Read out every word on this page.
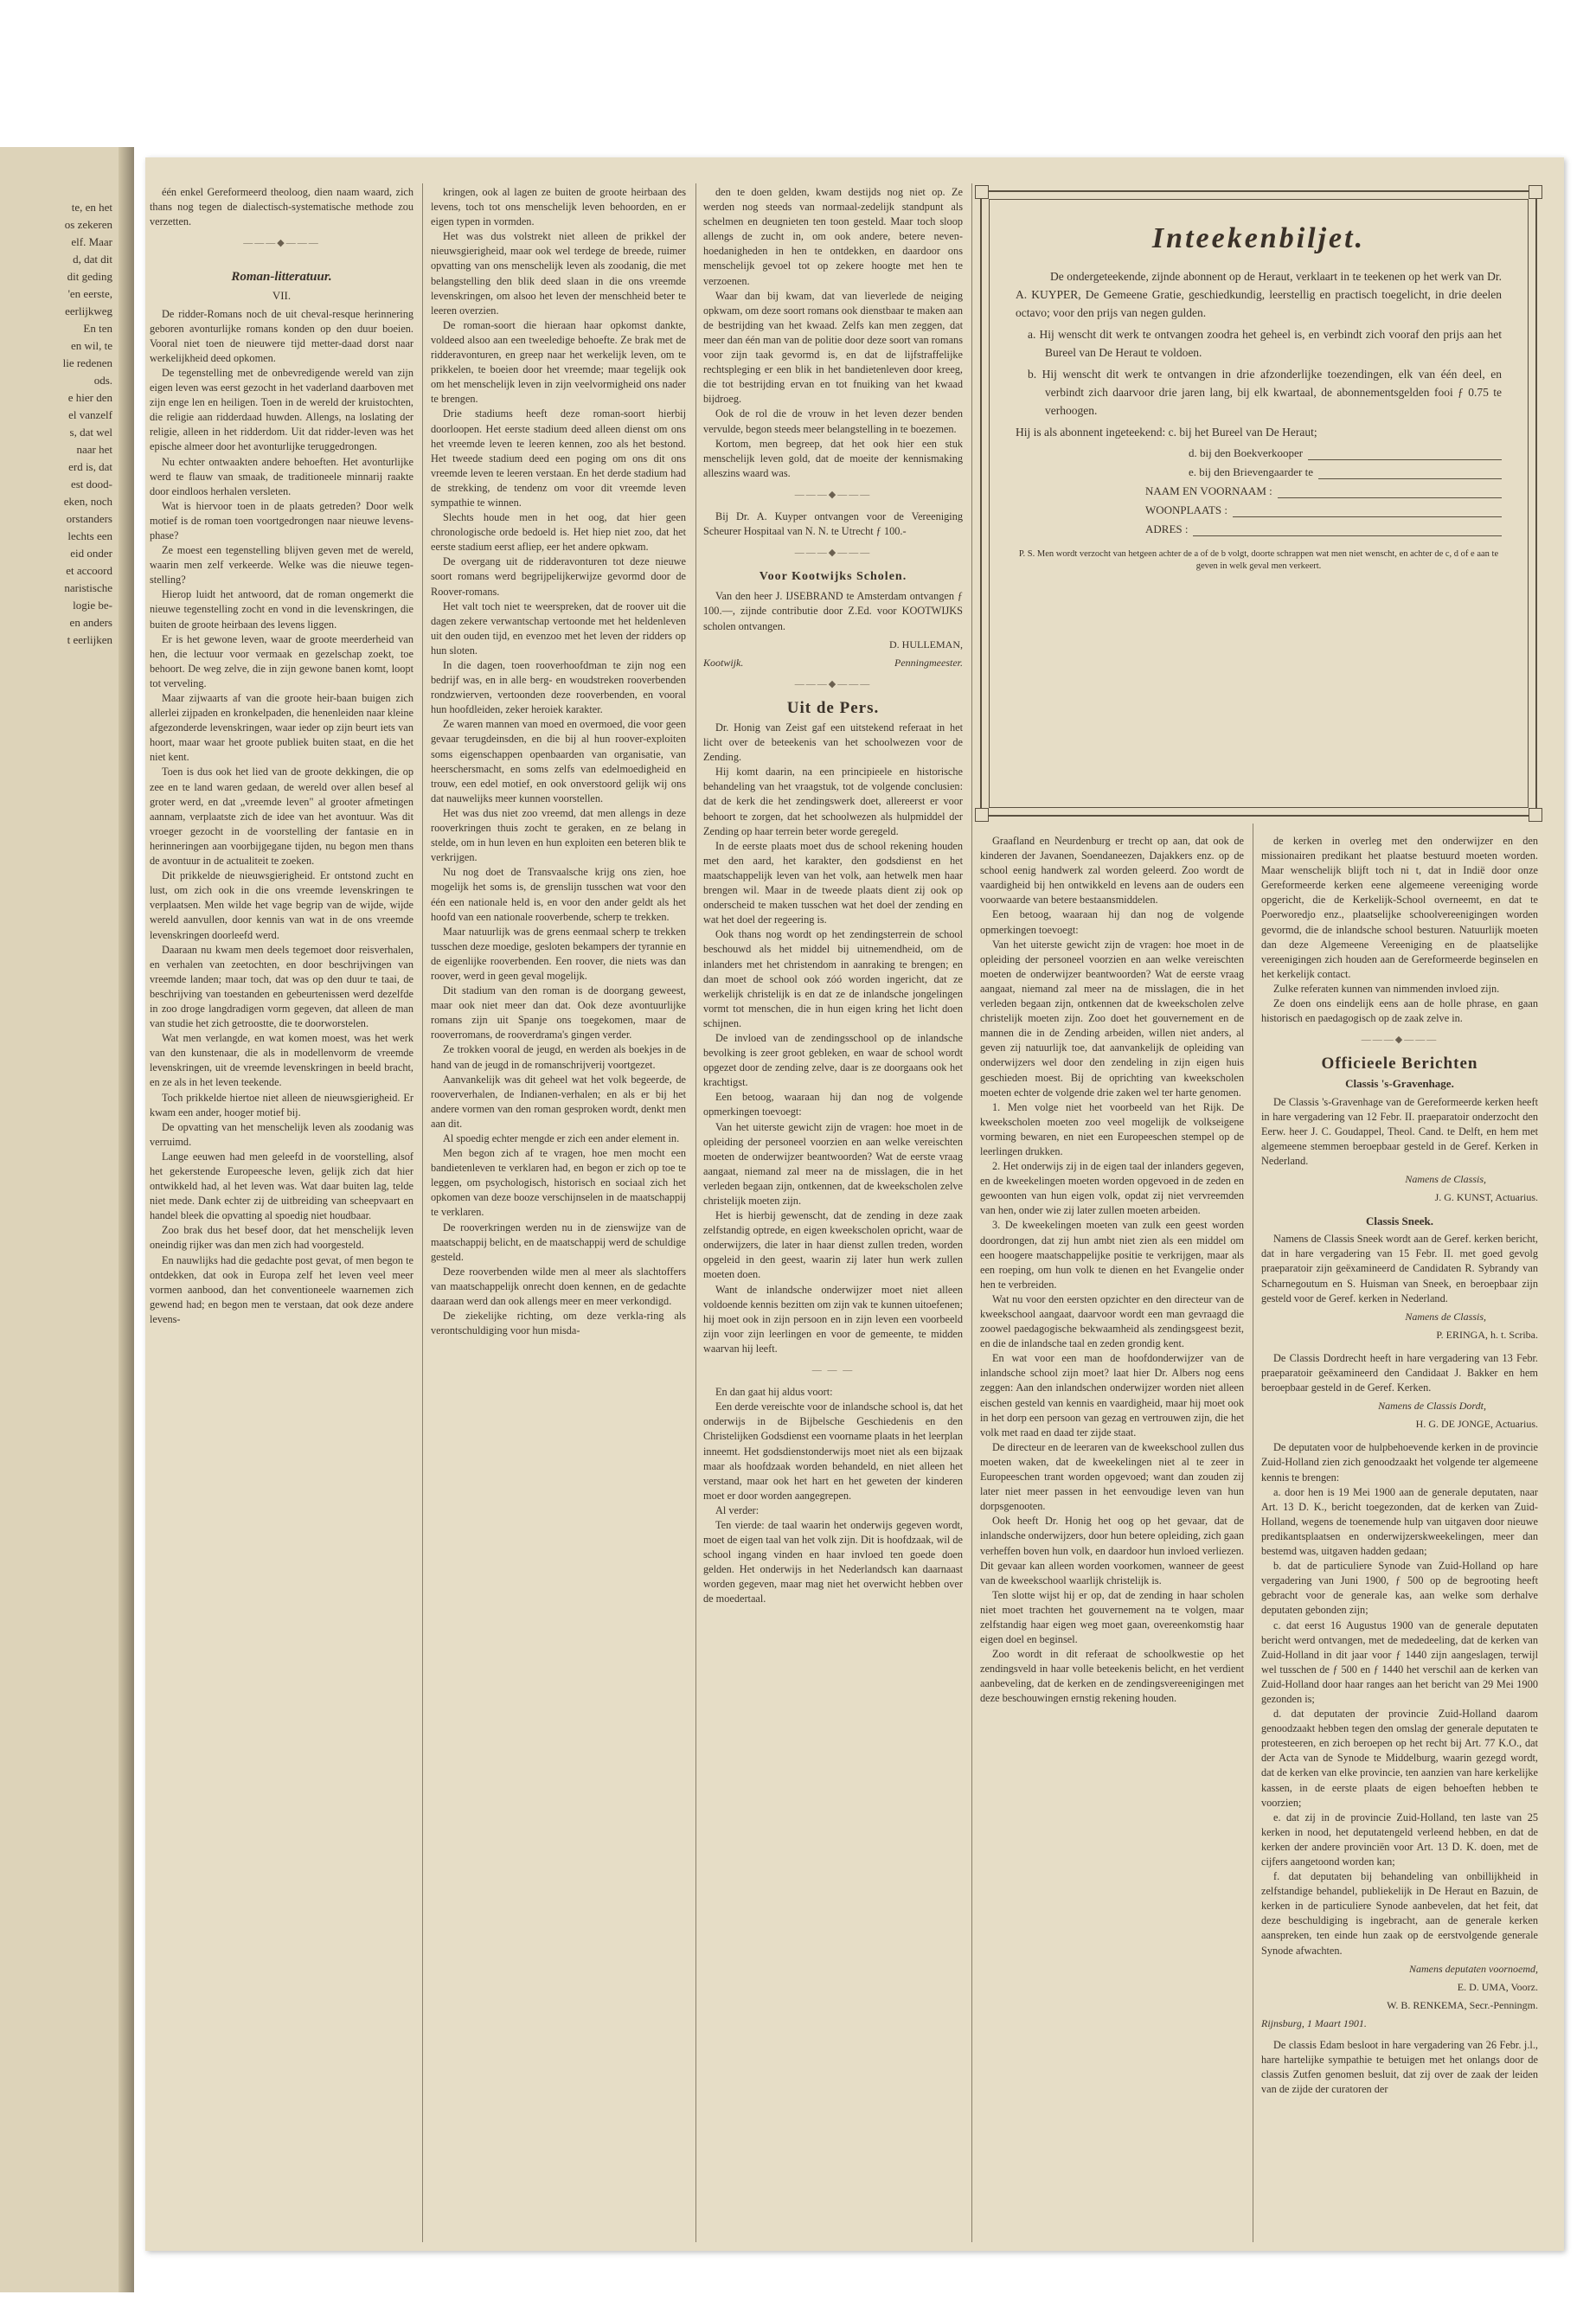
te, en het
os zekeren
elf. Maar
d, dat dit
dit geding
'en eerste,
eerlijkweg
En ten
en wil, te
lie redenen
ods.
e hier den
el vanzelf
s, dat wel
naar het
erd is, dat
est dood-
eken, noch
orstanders
lechts een
eid onder
et accoord
naristische
logie be-
en anders
t eerlijken

één enkel Gereformeerd theoloog, dien naam waard, zich thans nog tegen de dialectisch-systematische methode zou verzetten.

———◆———
Roman-litteratuur.
VII.

De ridder-Romans noch de uit cheval-resque herinnering geboren avonturlijke romans konden op den duur boeien. Vooral niet toen de nieuwere tijd metter-daad dorst naar werkelijkheid deed opkomen.

De tegenstelling met de onbevredigende wereld van zijn eigen leven was eerst gezocht in het vaderland daarboven met zijn enge len en heiligen. Toen in de wereld der kruistochten, die religie aan ridderdaad huwden. Allengs, na loslating der religie, alleen in het ridderdom. Uit dat ridder-leven was het epische almeer door het avonturlijke teruggedrongen.

Nu echter ontwaakten andere behoeften. Het avonturlijke werd te flauw van smaak, de traditioneele minnarij raakte door eindloos herhalen versleten.

Wat is hiervoor toen in de plaats getreden? Door welk motief is de roman toen voortgedrongen naar nieuwe levens-phase?

Ze moest een tegenstelling blijven geven met de wereld, waarin men zelf verkeerde. Welke was die nieuwe tegen-stelling?

Hierop luidt het antwoord, dat de roman ongemerkt die nieuwe tegenstelling zocht en vond in die levenskringen, die buiten de groote heirbaan des levens liggen.

Er is het gewone leven, waar de groote meerderheid van hen, die lectuur voor vermaak en gezelschap zoekt, toe behoort. De weg zelve, die in zijn gewone banen komt, loopt tot verveling.

Maar zijwaarts af van die groote heir-baan buigen zich allerlei zijpaden en kronkelpaden, die henenleiden naar kleine afgezonderde levenskringen, waar ieder op zijn beurt iets van hoort, maar waar het groote publiek buiten staat, en die het niet kent.

Toen is dus ook het lied van de groote dekkingen, die op zee en te land waren gedaan, de wereld over allen besef al groter werd, en dat „vreemde leven" al grooter afmetingen aannam, verplaatste zich de idee van het avontuur. Was dit vroeger gezocht in de voorstelling der fantasie en in herinneringen aan voorbijgegane tijden, nu begon men thans de avontuur in de actualiteit te zoeken.

Dit prikkelde de nieuwsgierigheid. Er ontstond zucht en lust, om zich ook in die ons vreemde levenskringen te verplaatsen. Men wilde het vage begrip van de wijde, wijde wereld aanvullen, door kennis van wat in de ons vreemde levenskringen doorleefd werd.

Daaraan nu kwam men deels tegemoet door reisverhalen, en verhalen van zeetochten, en door beschrijvingen van vreemde landen; maar toch, dat was op den duur te taai, de beschrijving van toestanden en gebeurtenissen werd dezelfde in zoo droge langdradigen vorm gegeven, dat alleen de man van studie het zich getroostte, die te doorworstelen.

Wat men verlangde, en wat komen moest, was het werk van den kunstenaar, die als in modellenvorm de vreemde levenskringen, uit de vreemde levenskringen in beeld bracht, en ze als in het leven teekende.

Toch prikkelde hiertoe niet alleen de nieuwsgierigheid. Er kwam een ander, hooger motief bij.

De opvatting van het menschelijk leven als zoodanig was verruimd.

Lange eeuwen had men geleefd in de voorstelling, alsof het gekerstende Europeesche leven, gelijk zich dat hier ontwikkeld had, al het leven was. Wat daar buiten lag, telde niet mede. Dank echter zij de uitbreiding van scheepvaart en handel bleek die opvatting al spoedig niet houdbaar.

Zoo brak dus het besef door, dat het menschelijk leven oneindig rijker was dan men zich had voorgesteld.

En nauwlijks had die gedachte post gevat, of men begon te ontdekken, dat ook in Europa zelf het leven veel meer vormen aanbood, dan het conventioneele waarnemen zich gewend had; en begon men te verstaan, dat ook deze andere levens-

kringen, ook al lagen ze buiten de groote heirbaan des levens, toch tot ons menschelijk leven behoorden, en er eigen typen in vormden.

Het was dus volstrekt niet alleen de prikkel der nieuwsgierigheid, maar ook wel terdege de breede, ruimer opvatting van ons menschelijk leven als zoodanig, die met belangstelling den blik deed slaan in die ons vreemde levenskringen, om alsoo het leven der menschheid beter te leeren overzien.

De roman-soort die hieraan haar opkomst dankte, voldeed alsoo aan een tweeledige behoefte. Ze brak met de ridderavonturen, en greep naar het werkelijk leven, om te prikkelen, te boeien door het vreemde; maar tegelijk ook om het menschelijk leven in zijn veelvormigheid ons nader te brengen.

Drie stadiums heeft deze roman-soort hierbij doorloopen. Het eerste stadium deed alleen dienst om ons het vreemde leven te leeren kennen, zoo als het bestond. Het tweede stadium deed een poging om ons dit ons vreemde leven te leeren verstaan. En het derde stadium had de strekking, de tendenz om voor dit vreemde leven sympathie te winnen.

Slechts houde men in het oog, dat hier geen chronologische orde bedoeld is. Het hiep niet zoo, dat het eerste stadium eerst afliep, eer het andere opkwam.

De overgang uit de ridderavonturen tot deze nieuwe soort romans werd begrijpelijkerwijze gevormd door de Roover-romans.

Het valt toch niet te weerspreken, dat de roover uit die dagen zekere verwantschap vertoonde met het heldenleven uit den ouden tijd, en evenzoo met het leven der ridders op hun sloten.

In die dagen, toen rooverhoofdman te zijn nog een bedrijf was, en in alle berg- en woudstreken rooverbenden rondzwierven, vertoonden deze rooverbenden, en vooral hun hoofdleiden, zeker heroiek karakter.

Ze waren mannen van moed en overmoed, die voor geen gevaar terugdeinsden, en die bij al hun roover-exploiten soms eigenschappen openbaarden van organisatie, van heerschersmacht, en soms zelfs van edelmoedigheid en trouw, een edel motief, en ook onverstoord gelijk wij ons dat nauwelijks meer kunnen voorstellen.

Het was dus niet zoo vreemd, dat men allengs in deze rooverkringen thuis zocht te geraken, en ze belang in stelde, om in hun leven en hun exploiten een beteren blik te verkrijgen.

Nu nog doet de Transvaalsche krijg ons zien, hoe mogelijk het soms is, de grenslijn tusschen wat voor den één een nationale held is, en voor den ander geldt als het hoofd van een nationale rooverbende, scherp te trekken.

Maar natuurlijk was de grens eenmaal scherp te trekken tusschen deze moedige, gesloten bekampers der tyrannie en de eigenlijke rooverbenden. Een roover, die niets was dan roover, werd in geen geval mogelijk.

Dit stadium van den roman is de doorgang geweest, maar ook niet meer dan dat. Ook deze avontuurlijke romans zijn uit Spanje ons toegekomen, maar de rooverromans, de rooverdrama's gingen verder.

Ze trokken vooral de jeugd, en werden als boekjes in de hand van de jeugd in de romanschrijverij voortgezet.

Aanvankelijk was dit geheel wat het volk begeerde, de rooververhalen, de Indianen-verhalen; en als er bij het andere vormen van den roman gesproken wordt, denkt men aan dit.

Al spoedig echter mengde er zich een ander element in.

Men begon zich af te vragen, hoe men mocht een bandietenleven te verklaren had, en begon er zich op toe te leggen, om psychologisch, historisch en sociaal zich het opkomen van deze booze verschijnselen in de maatschappij te verklaren.

De rooverkringen werden nu in de zienswijze van de maatschappij belicht, en de maatschappij werd de schuldige gesteld.

Deze rooverbenden wilde men al meer als slachtoffers van maatschappelijk onrecht doen kennen, en de gedachte daaraan werd dan ook allengs meer en meer verkondigd.

De ziekelijke richting, om deze verkla-ring als verontschuldiging voor hun misda-

den te doen gelden, kwam destijds nog niet op. Ze werden nog steeds van normaal-zedelijk standpunt als schelmen en deugnieten ten toon gesteld. Maar toch sloop allengs de zucht in, om ook andere, betere neven-hoedanigheden in hen te ontdekken, en daardoor ons menschelijk gevoel tot op zekere hoogte met hen te verzoenen.

Waar dan bij kwam, dat van lieverlede de neiging opkwam, om deze soort romans ook dienstbaar te maken aan de bestrijding van het kwaad. Zelfs kan men zeggen, dat meer dan één man van de politie door deze soort van romans voor zijn taak gevormd is, en dat de lijfstraffelijke rechtspleging er een blik in het bandietenleven door kreeg, die tot bestrijding ervan en tot fnuiking van het kwaad bijdroeg.

Ook de rol die de vrouw in het leven dezer benden vervulde, begon steeds meer belangstelling in te boezemen.

Kortom, men begreep, dat het ook hier een stuk menschelijk leven gold, dat de moeite der kennismaking alleszins waard was.

———◆———

Bij Dr. A. Kuyper ontvangen voor de Vereeniging Scheurer Hospitaal van N. N. te Utrecht ƒ 100.-

———◆———
Voor Kootwijks Scholen.

Van den heer J. IJSEBRAND te Amsterdam ontvangen ƒ 100.—, zijnde contributie door Z.Ed. voor KOOTWIJKS scholen ontvangen.

D. HULLEMAN,
Kootwijk.	Penningmeester.
———◆———
Uit de Pers.

Dr. Honig van Zeist gaf een uitstekend referaat in het licht over de beteekenis van het schoolwezen voor de Zending.

Hij komt daarin, na een principieele en historische behandeling van het vraagstuk, tot de volgende conclusien: dat de kerk die het zendingswerk doet, allereerst er voor behoort te zorgen, dat het schoolwezen als hulpmiddel der Zending op haar terrein beter worde geregeld.

In de eerste plaats moet dus de school rekening houden met den aard, het karakter, den godsdienst en het maatschappelijk leven van het volk, aan hetwelk men haar brengen wil. Maar in de tweede plaats dient zij ook op onderscheid te maken tusschen wat het doel der zending en wat het doel der regeering is.

Ook thans nog wordt op het zendingsterrein de school beschouwd als het middel bij uitnemendheid, om de inlanders met het christendom in aanraking te brengen; en dan moet de school ook zóó worden ingericht, dat ze werkelijk christelijk is en dat ze de inlandsche jongelingen vormt tot menschen, die in hun eigen kring het licht doen schijnen.

De invloed van de zendingsschool op de inlandsche bevolking is zeer groot gebleken, en waar de school wordt opgezet door de zending zelve, daar is ze doorgaans ook het krachtigst.

Een betoog, waaraan hij dan nog de volgende opmerkingen toevoegt:

Van het uiterste gewicht zijn de vragen: hoe moet in de opleiding der personeel voorzien en aan welke vereischten moeten de onderwijzer beantwoorden? Wat de eerste vraag aangaat, niemand zal meer na de misslagen, die in het verleden begaan zijn, ontkennen, dat de kweekscholen zelve christelijk moeten zijn.

Het is hierbij gewenscht, dat de zending in deze zaak zelfstandig optrede, en eigen kweekscholen opricht, waar de onderwijzers, die later in haar dienst zullen treden, worden opgeleid in den geest, waarin zij later hun werk zullen moeten doen.

Want de inlandsche onderwijzer moet niet alleen voldoende kennis bezitten om zijn vak te kunnen uitoefenen; hij moet ook in zijn persoon en in zijn leven een voorbeeld zijn voor zijn leerlingen en voor de gemeente, te midden waarvan hij leeft.

— — —

En dan gaat hij aldus voort:

Een derde vereischte voor de inlandsche school is, dat het onderwijs in de Bijbelsche Geschiedenis en den Christelijken Godsdienst een voorname plaats in het leerplan inneemt. Het godsdienstonderwijs moet niet als een bijzaak maar als hoofdzaak worden behandeld, en niet alleen het verstand, maar ook het hart en het geweten der kinderen moet er door worden aangegrepen.

Al verder:

Ten vierde: de taal waarin het onderwijs gegeven wordt, moet de eigen taal van het volk zijn. Dit is hoofdzaak, wil de school ingang vinden en haar invloed ten goede doen gelden. Het onderwijs in het Nederlandsch kan daarnaast worden gegeven, maar mag niet het overwicht hebben over de moedertaal.

Inteekenbiljet.

De ondergeteekende, zijnde abonnent op de Heraut, verklaart in te teekenen op het werk van Dr. A. KUYPER, De Gemeene Gratie, geschiedkundig, leerstellig en practisch toegelicht, in drie deelen octavo; voor den prijs van negen gulden.

a. Hij wenscht dit werk te ontvangen zoodra het geheel is, en verbindt zich vooraf den prijs aan het Bureel van De Heraut te voldoen.

b. Hij wenscht dit werk te ontvangen in drie afzonderlijke toezendingen, elk van één deel, en verbindt zich daarvoor drie jaren lang, bij elk kwartaal, de abonnementsgelden fooi ƒ 0.75 te verhoogen.

Hij is als abonnent ingeteekend: c. bij het Bureel van De Heraut;

d. bij den Boekverkooper
e. bij den Brievengaarder te
NAAM EN VOORNAAM :
WOONPLAATS :
ADRES :

P. S. Men wordt verzocht van hetgeen achter de a of de b volgt, doorte schrappen wat men niet wenscht, en achter de c, d of e aan te geven in welk geval men verkeert.

Graafland en Neurdenburg er trecht op aan, dat ook de kinderen der Javanen, Soendaneezen, Dajakkers enz. op de school eenig handwerk zal worden geleerd. Zoo wordt de vaardigheid bij hen ontwikkeld en levens aan de ouders een voorwaarde van betere bestaansmiddelen.

Een betoog, waaraan hij dan nog de volgende opmerkingen toevoegt:

Van het uiterste gewicht zijn de vragen: hoe moet in de opleiding der personeel voorzien en aan welke vereischten moeten de onderwijzer beantwoorden? Wat de eerste vraag aangaat, niemand zal meer na de misslagen, die in het verleden begaan zijn, ontkennen dat de kweekscholen zelve christelijk moeten zijn. Zoo doet het gouvernement en de mannen die in de Zending arbeiden, willen niet anders, al geven zij natuurlijk toe, dat aanvankelijk de opleiding van onderwijzers wel door den zendeling in zijn eigen huis geschieden moest. Bij de oprichting van kweekscholen moeten echter de volgende drie zaken wel ter harte genomen.

1. Men volge niet het voorbeeld van het Rijk. De kweekscholen moeten zoo veel mogelijk de volkseigene vorming bewaren, en niet een Europeeschen stempel op de leerlingen drukken.

2. Het onderwijs zij in de eigen taal der inlanders gegeven, en de kweekelingen moeten worden opgevoed in de zeden en gewoonten van hun eigen volk, opdat zij niet vervreemden van hen, onder wie zij later zullen moeten arbeiden.

3. De kweekelingen moeten van zulk een geest worden doordrongen, dat zij hun ambt niet zien als een middel om een hoogere maatschappelijke positie te verkrijgen, maar als een roeping, om hun volk te dienen en het Evangelie onder hen te verbreiden.

Wat nu voor den eersten opzichter en den directeur van de kweekschool aangaat, daarvoor wordt een man gevraagd die zoowel paedagogische bekwaamheid als zendingsgeest bezit, en die de inlandsche taal en zeden grondig kent.

En wat voor een man de hoofdonderwijzer van de inlandsche school zijn moet? laat hier Dr. Albers nog eens zeggen: Aan den inlandschen onderwijzer worden niet alleen eischen gesteld van kennis en vaardigheid, maar hij moet ook in het dorp een persoon van gezag en vertrouwen zijn, die het volk met raad en daad ter zijde staat.

De directeur en de leeraren van de kweekschool zullen dus moeten waken, dat de kweekelingen niet al te zeer in Europeeschen trant worden opgevoed; want dan zouden zij later niet meer passen in het eenvoudige leven van hun dorpsgenooten.

Ook heeft Dr. Honig het oog op het gevaar, dat de inlandsche onderwijzers, door hun betere opleiding, zich gaan verheffen boven hun volk, en daardoor hun invloed verliezen. Dit gevaar kan alleen worden voorkomen, wanneer de geest van de kweekschool waarlijk christelijk is.

Ten slotte wijst hij er op, dat de zending in haar scholen niet moet trachten het gouvernement na te volgen, maar zelfstandig haar eigen weg moet gaan, overeenkomstig haar eigen doel en beginsel.

Zoo wordt in dit referaat de schoolkwestie op het zendingsveld in haar volle beteekenis belicht, en het verdient aanbeveling, dat de kerken en de zendingsvereenigingen met deze beschouwingen ernstig rekening houden.

de kerken in overleg met den onderwijzer en den missionairen predikant het plaatse bestuurd moeten worden. Maar wenschelijk blijft toch ni t, dat in Indië door onze Gereformeerde kerken eene algemeene vereeniging worde opgericht, die de Kerkelijk-School overneemt, en dat te Poerworedjo enz., plaatselijke schoolvereenigingen worden gevormd, die de inlandsche school besturen. Natuurlijk moeten dan deze Algemeene Vereeniging en de plaatselijke vereenigingen zich houden aan de Gereformeerde beginselen en het kerkelijk contact.

Zulke referaten kunnen van nimmenden invloed zijn.

Ze doen ons eindelijk eens aan de holle phrase, en gaan historisch en paedagogisch op de zaak zelve in.

———◆———
Officieele Berichten
Classis 's-Gravenhage.

De Classis 's-Gravenhage van de Gereformeerde kerken heeft in hare vergadering van 12 Febr. II. praeparatoir onderzocht den Eerw. heer J. C. Goudappel, Theol. Cand. te Delft, en hem met algemeene stemmen beroepbaar gesteld in de Geref. Kerken in Nederland.

Namens de Classis,
J. G. KUNST, Actuarius.
Classis Sneek.

Namens de Classis Sneek wordt aan de Geref. kerken bericht, dat in hare vergadering van 15 Febr. II. met goed gevolg praeparatoir zijn geëxamineerd de Candidaten R. Sybrandy van Scharnegoutum en S. Huisman van Sneek, en beroepbaar zijn gesteld voor de Geref. kerken in Nederland.

Namens de Classis,
P. ERINGA, h. t. Scriba.

De Classis Dordrecht heeft in hare vergadering van 13 Febr. praeparatoir geëxamineerd den Candidaat J. Bakker en hem beroepbaar gesteld in de Geref. Kerken.

Namens de Classis Dordt,
H. G. DE JONGE, Actuarius.

De deputaten voor de hulpbehoevende kerken in de provincie Zuid-Holland zien zich genoodzaakt het volgende ter algemeene kennis te brengen:

a. door hen is 19 Mei 1900 aan de generale deputaten, naar Art. 13 D. K., bericht toegezonden, dat de kerken van Zuid-Holland, wegens de toenemende hulp van uitgaven door nieuwe predikantsplaatsen en onderwijzerskweekelingen, meer dan bestemd was, uitgaven hadden gedaan;

b. dat de particuliere Synode van Zuid-Holland op hare vergadering van Juni 1900, ƒ 500 op de begrooting heeft gebracht voor de generale kas, aan welke som derhalve deputaten gebonden zijn;

c. dat eerst 16 Augustus 1900 van de generale deputaten bericht werd ontvangen, met de mededeeling, dat de kerken van Zuid-Holland in dit jaar voor ƒ 1440 zijn aangeslagen, terwijl wel tusschen de ƒ 500 en ƒ 1440 het verschil aan de kerken van Zuid-Holland door haar ranges aan het bericht van 29 Mei 1900 gezonden is;

d. dat deputaten der provincie Zuid-Holland daarom genoodzaakt hebben tegen den omslag der generale deputaten te protesteeren, en zich beroepen op het recht bij Art. 77 K.O., dat der Acta van de Synode te Middelburg, waarin gezegd wordt, dat de kerken van elke provincie, ten aanzien van hare kerkelijke kassen, in de eerste plaats de eigen behoeften hebben te voorzien;

e. dat zij in de provincie Zuid-Holland, ten laste van 25 kerken in nood, het deputatengeld verleend hebben, en dat de kerken der andere provinciën voor Art. 13 D. K. doen, met de cijfers aangetoond worden kan;

f. dat deputaten bij behandeling van onbillijkheid in zelfstandige behandel, publiekelijk in De Heraut en Bazuin, de kerken in de particuliere Synode aanbevelen, dat het feit, dat deze beschuldiging is ingebracht, aan de generale kerken aanspreken, ten einde hun zaak op de eerstvolgende generale Synode afwachten.

Namens deputaten voornoemd,
E. D. UMA, Voorz.
W. B. RENKEMA, Secr.-Penningm.
Rijnsburg, 1 Maart 1901.

De classis Edam besloot in hare vergadering van 26 Febr. j.l., hare hartelijke sympathie te betuigen met het onlangs door de classis Zutfen genomen besluit, dat zij over de zaak der leiden van de zijde der curatoren der
